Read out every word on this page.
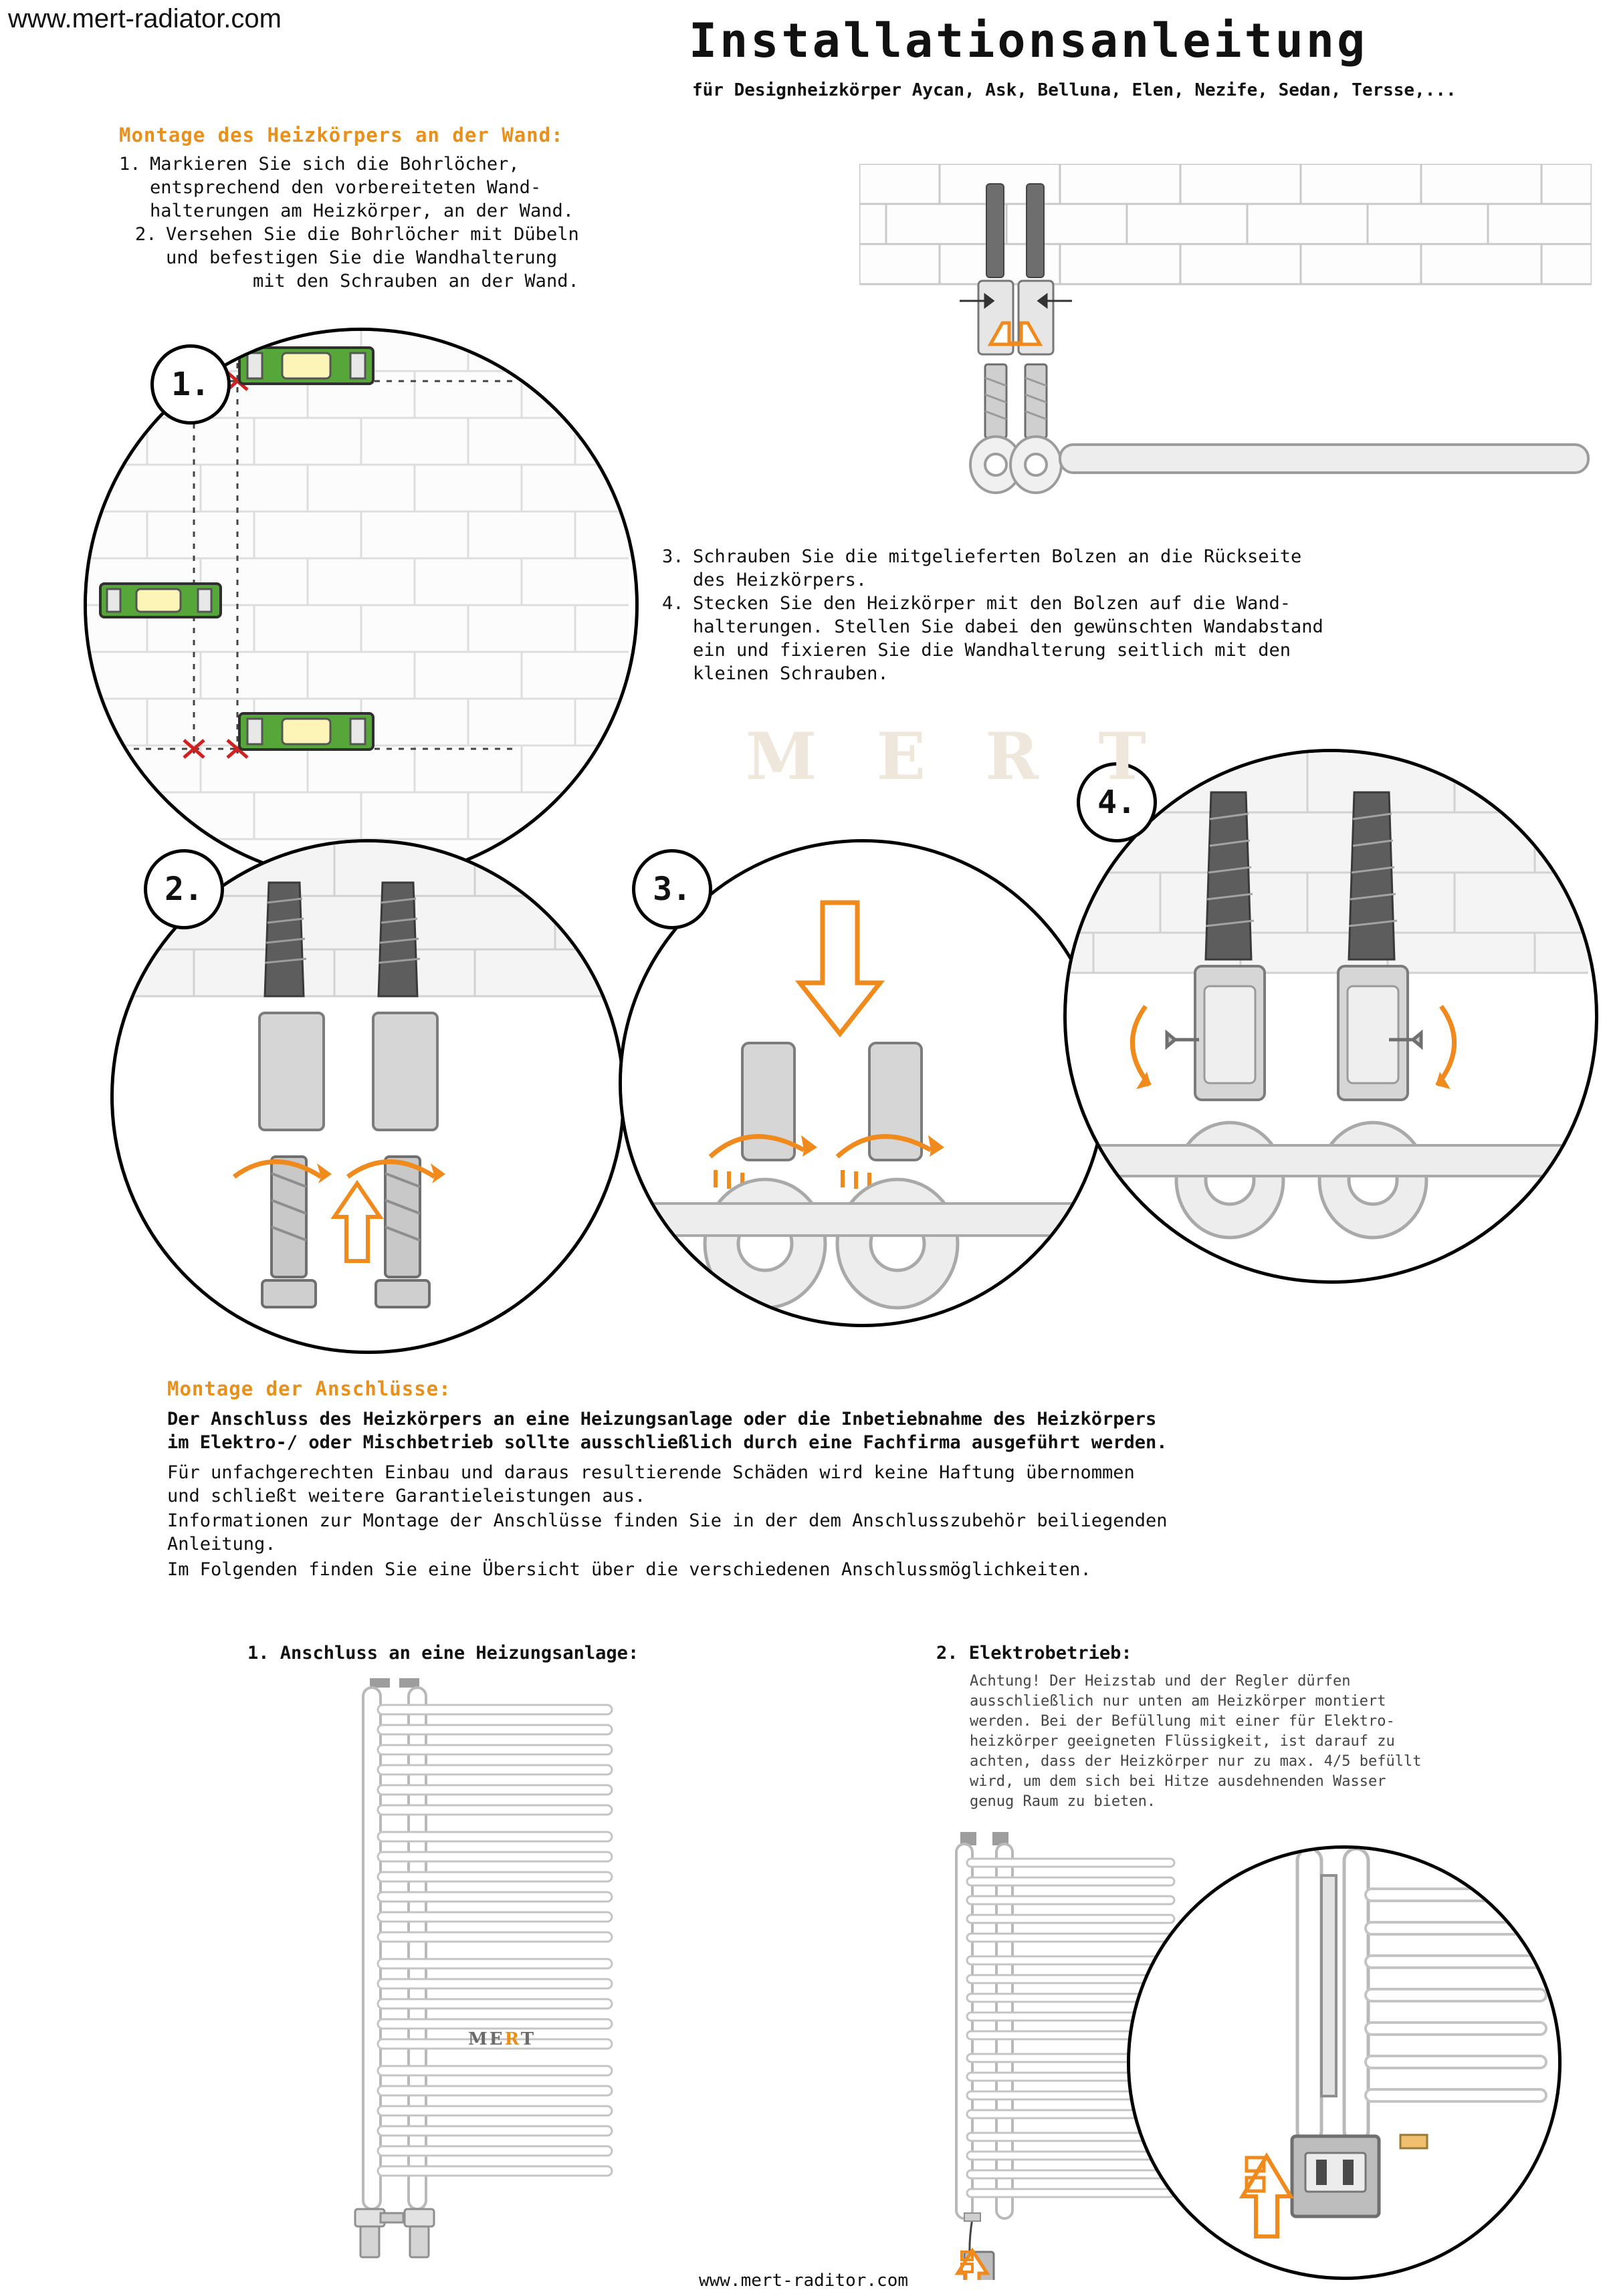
www.mert-radiator.com	Installationsanleitung
für Designheizkörper Aycan, Ask, Belluna, Elen, Nezife, Sedan, Tersse,...
Montage des Heizkörpers an der Wand:
1. Markieren Sie sich die Bohrlöcher,
entsprechend den vorbereiteten Wand-
halterungen am Heizkörper, an der Wand.
2. Versehen Sie die Bohrlöcher mit Dübeln
und befestigen Sie die Wandhalterung
mit den Schrauben an der Wand.
3. Schrauben Sie die mitgelieferten Bolzen an die Rückseite
des Heizkörpers.
4. Stecken Sie den Heizkörper mit den Bolzen auf die Wand-
halterungen. Stellen Sie dabei den gewünschten Wandabstand
ein und fixieren Sie die Wandhalterung seitlich mit den
kleinen Schrauben.
1.
2.	3.
4.
M E R T
Montage der Anschlüsse:
Der Anschluss des Heizkörpers an eine Heizungsanlage oder die Inbetiebnahme des Heizkörpers
im Elektro-/ oder Mischbetrieb sollte ausschließlich durch eine Fachfirma ausgeführt werden.
Für unfachgerechten Einbau und daraus resultierende Schäden wird keine Haftung übernommen
und schließt weitere Garantieleistungen aus.
Informationen zur Montage der Anschlüsse finden Sie in der dem Anschlusszubehör beiliegenden
Anleitung.
Im Folgenden finden Sie eine Übersicht über die verschiedenen Anschlussmöglichkeiten.
1. Anschluss an eine Heizungsanlage:	2. Elektrobetrieb:
Achtung! Der Heizstab und der Regler dürfen
ausschließlich nur unten am Heizkörper montiert
werden. Bei der Befüllung mit einer für Elektro-
heizkörper geeigneten Flüssigkeit, ist darauf zu
achten, dass der Heizkörper nur zu max. 4/5 befüllt
wird, um dem sich bei Hitze ausdehnenden Wasser
genug Raum zu bieten.
MERT
www.mert-raditor.com
